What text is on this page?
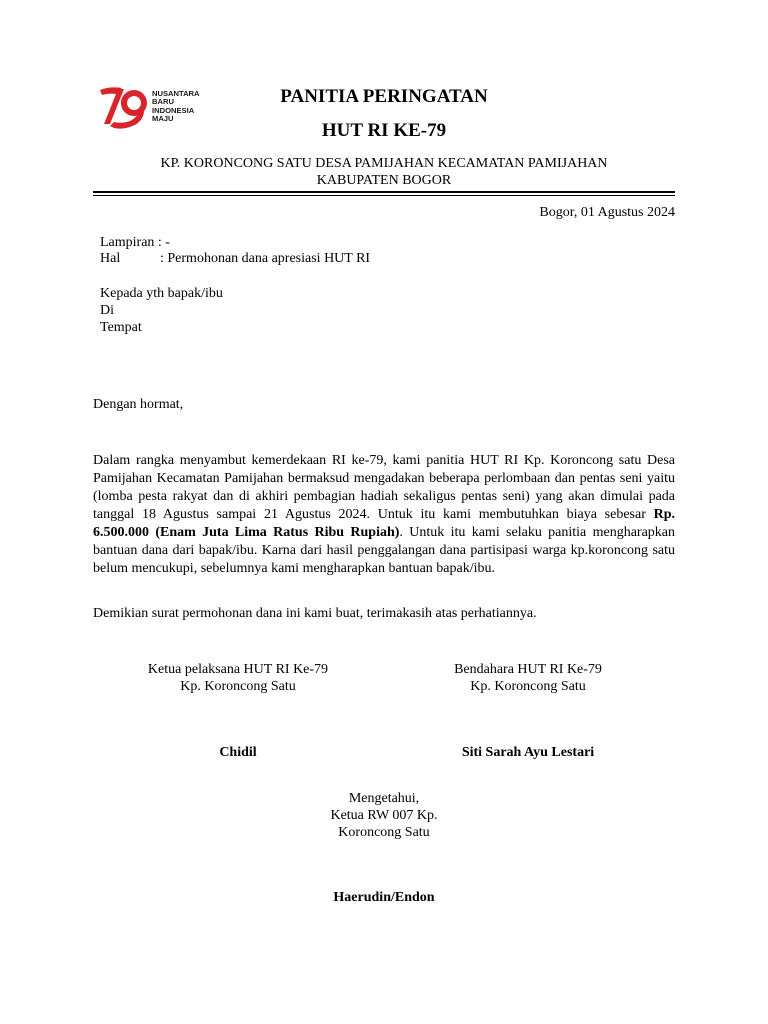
NUSANTARA
BARU
INDONESIA
MAJU
PANITIA PERINGATAN
HUT RI KE-79
KP. KORONCONG SATU DESA PAMIJAHAN KECAMATAN PAMIJAHAN
KABUPATEN BOGOR
Bogor, 01 Agustus 2024
Lampiran : -
Hal	: Permohonan dana apresiasi HUT RI
Kepada yth bapak/ibu
Di
Tempat
Dengan hormat,
Dalam rangka menyambut kemerdekaan RI ke-79, kami panitia HUT RI Kp. Koroncong satu Desa Pamijahan Kecamatan Pamijahan bermaksud mengadakan beberapa perlombaan dan pentas seni yaitu (lomba pesta rakyat dan di akhiri pembagian hadiah sekaligus pentas seni) yang akan dimulai pada tanggal 18 Agustus sampai 21 Agustus 2024. Untuk itu kami membutuhkan biaya sebesar Rp. 6.500.000 (Enam Juta Lima Ratus Ribu Rupiah). Untuk itu kami selaku panitia mengharapkan bantuan dana dari bapak/ibu. Karna dari hasil penggalangan dana partisipasi warga kp.koroncong satu belum mencukupi, sebelumnya kami mengharapkan bantuan bapak/ibu.
Demikian surat permohonan dana ini kami buat, terimakasih atas perhatiannya.
Ketua pelaksana HUT RI Ke-79
Kp. Koroncong Satu
Bendahara HUT RI Ke-79
Kp. Koroncong Satu
Chidil	Siti Sarah Ayu Lestari
Mengetahui,
Ketua RW 007 Kp.
Koroncong Satu
Haerudin/Endon
